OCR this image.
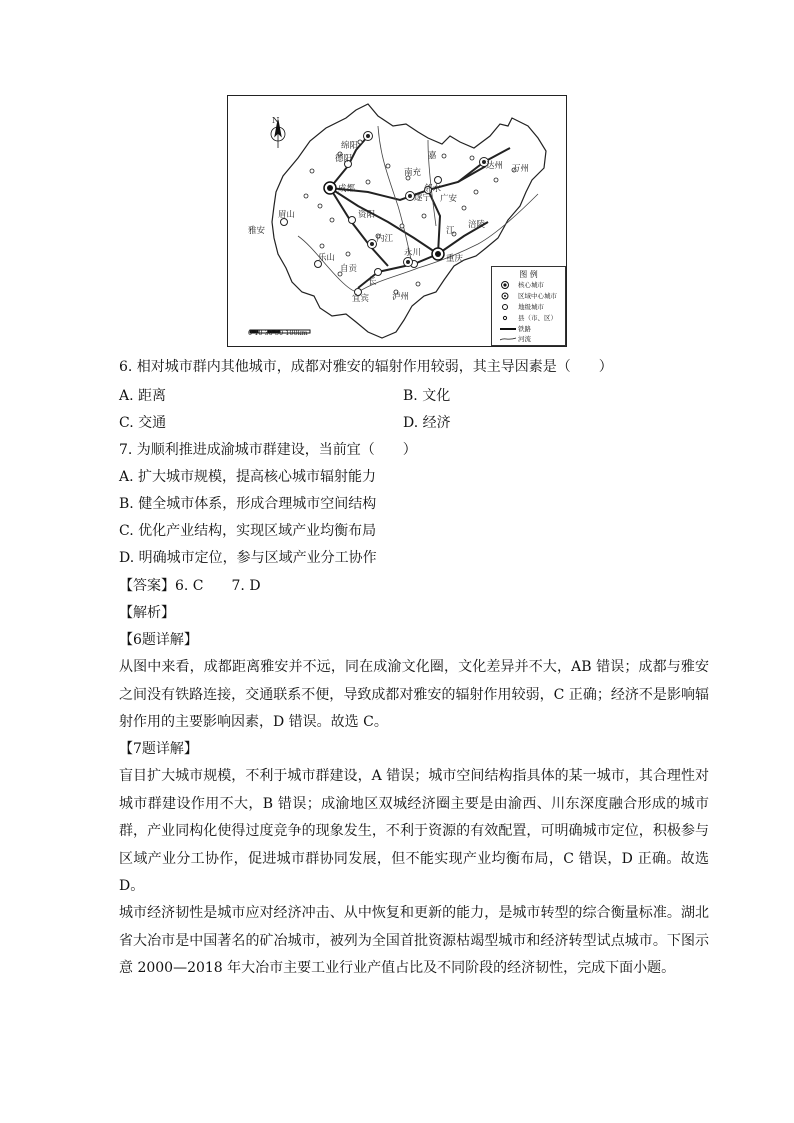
N
绵阳
德阳
成都
嘉
南充
达州 万州
邻水
广安
遂宁
眉山	资阳
雅安	江
涪陵
内江
永川
乐山	重庆
自贡
长
宜宾	泸州
0 10 30 50 100km
图 例
核心城市
区域中心城市
地级城市
县（市、区）
铁路
河流
6. 相对城市群内其他城市，成都对雅安的辐射作用较弱，其主导因素是（　　）
A. 距离	B. 文化
C. 交通	D. 经济
7. 为顺利推进成渝城市群建设，当前宜（　　）
A. 扩大城市规模，提高核心城市辐射能力
B. 健全城市体系，形成合理城市空间结构
C. 优化产业结构，实现区域产业均衡布局
D. 明确城市定位，参与区域产业分工协作
【答案】6. C　　7. D
【解析】
【6题详解】
从图中来看，成都距离雅安并不远，同在成渝文化圈，文化差异并不大，AB 错误；成都与雅安之间没有铁路连接，交通联系不便，导致成都对雅安的辐射作用较弱，C 正确；经济不是影响辐射作用的主要影响因素，D 错误。故选 C。
【7题详解】
盲目扩大城市规模，不利于城市群建设，A 错误；城市空间结构指具体的某一城市，其合理性对城市群建设作用不大，B 错误；成渝地区双城经济圈主要是由渝西、川东深度融合形成的城市群，产业同构化使得过度竞争的现象发生，不利于资源的有效配置，可明确城市定位，积极参与区域产业分工协作，促进城市群协同发展，但不能实现产业均衡布局，C 错误，D 正确。故选 D。
城市经济韧性是城市应对经济冲击、从中恢复和更新的能力，是城市转型的综合衡量标准。湖北省大冶市是中国著名的矿冶城市，被列为全国首批资源枯竭型城市和经济转型试点城市。下图示意 2000—2018 年大冶市主要工业行业产值占比及不同阶段的经济韧性，完成下面小题。
